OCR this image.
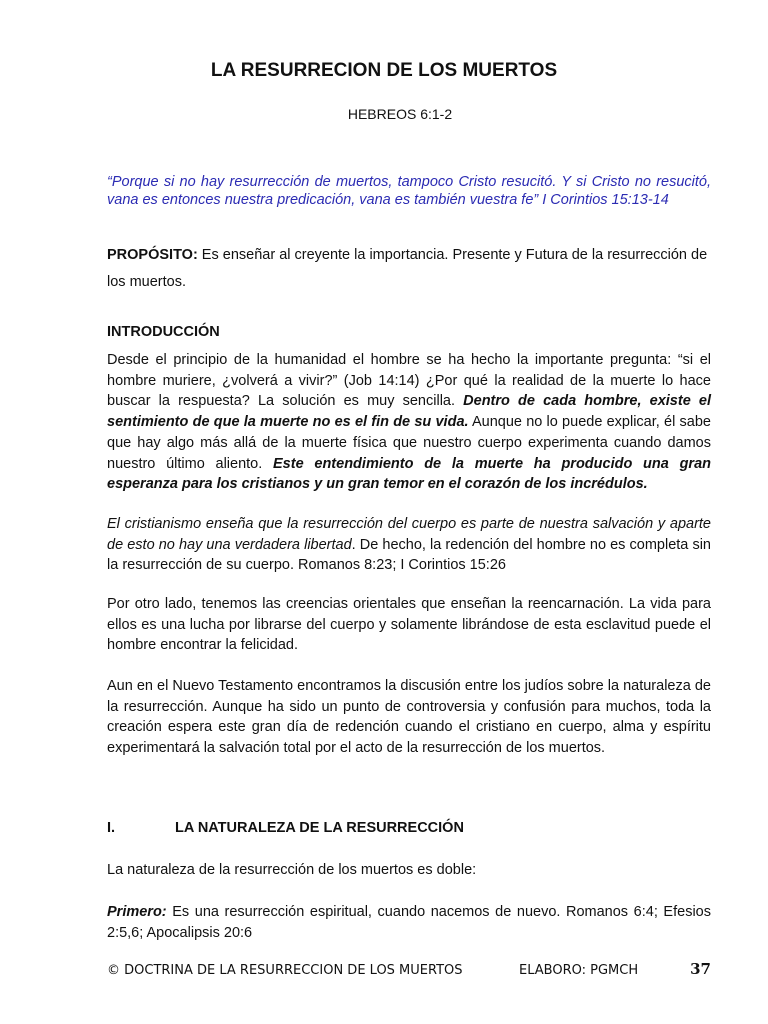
LA RESURRECION DE LOS MUERTOS

HEBREOS 6:1-2

“Porque si no hay resurrección de muertos, tampoco Cristo resucitó. Y si Cristo no resucitó, vana es entonces nuestra predicación, vana es también vuestra fe” I Corintios 15:13-14

PROPÓSITO: Es enseñar al creyente la importancia. Presente y Futura de la resurrección de los muertos.

INTRODUCCIÓN

Desde el principio de la humanidad el hombre se ha hecho la importante pregunta: “si el hombre muriere, ¿volverá a vivir?” (Job 14:14) ¿Por qué la realidad de la muerte lo hace buscar la respuesta? La solución es muy sencilla. Dentro de cada hombre, existe el sentimiento de que la muerte no es el fin de su vida. Aunque no lo puede explicar, él sabe que hay algo más allá de la muerte física que nuestro cuerpo experimenta cuando damos nuestro último aliento. Este entendimiento de la muerte ha producido una gran esperanza para los cristianos y un gran temor en el corazón de los incrédulos.

El cristianismo enseña que la resurrección del cuerpo es parte de nuestra salvación y aparte de esto no hay una verdadera libertad. De hecho, la redención del hombre no es completa sin la resurrección de su cuerpo. Romanos 8:23; I Corintios 15:26

Por otro lado, tenemos las creencias orientales que enseñan la reencarnación. La vida para ellos es una lucha por librarse del cuerpo y solamente librándose de esta esclavitud puede el hombre encontrar la felicidad.

Aun en el Nuevo Testamento encontramos la discusión entre los judíos sobre la naturaleza de la resurrección. Aunque ha sido un punto de controversia y confusión para muchos, toda la creación espera este gran día de redención cuando el cristiano en cuerpo, alma y espíritu experimentará la salvación total por el acto de la resurrección de los muertos.

I.	LA NATURALEZA DE LA RESURRECCIÓN

La naturaleza de la resurrección de los muertos es doble:

Primero: Es una resurrección espiritual, cuando nacemos de nuevo. Romanos 6:4; Efesios 2:5,6; Apocalipsis 20:6

© DOCTRINA DE LA RESURRECCION DE LOS MUERTOS	ELABORO: PGMCH	37
